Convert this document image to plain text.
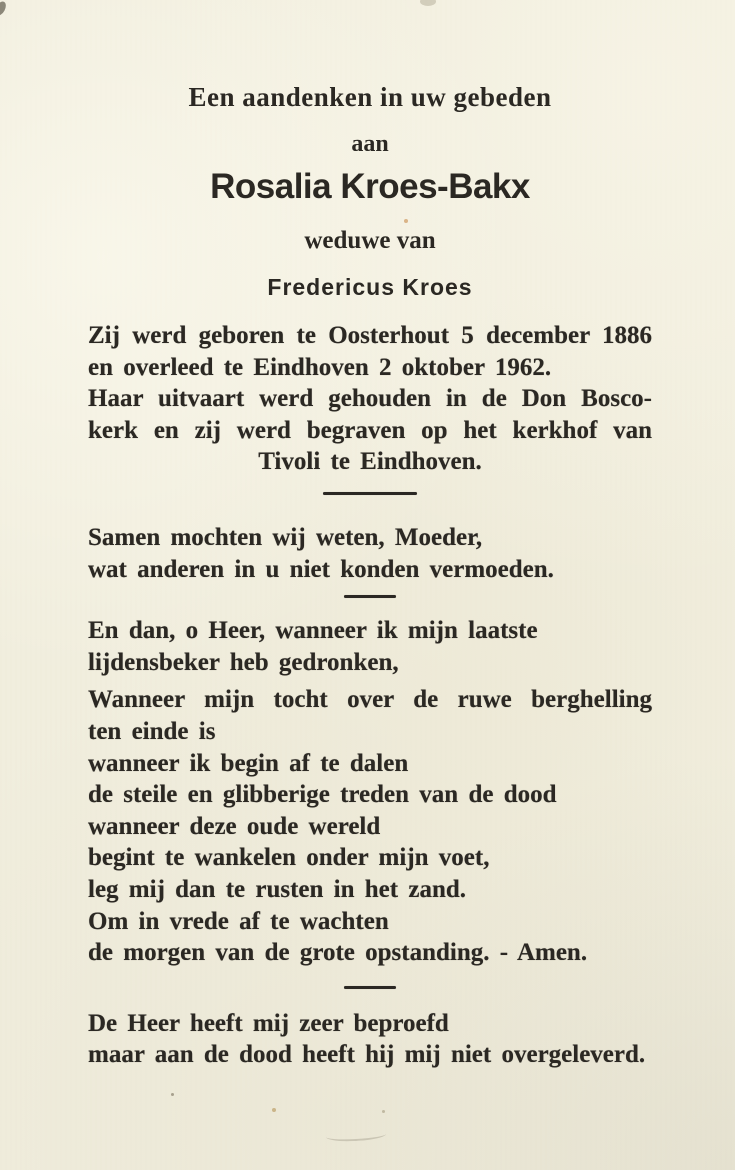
Een aandenken in uw gebeden
aan
Rosalia Kroes-Bakx
weduwe van
Fredericus Kroes
Zij werd geboren te Oosterhout 5 december 1886
en overleed te Eindhoven 2 oktober 1962.
Haar uitvaart werd gehouden in de Don Bosco-
kerk en zij werd begraven op het kerkhof van
Tivoli te Eindhoven.
Samen mochten wij weten, Moeder,
wat anderen in u niet konden vermoeden.
En dan, o Heer, wanneer ik mijn laatste
lijdensbeker heb gedronken,
Wanneer mijn tocht over de ruwe berghelling
ten einde is
wanneer ik begin af te dalen
de steile en glibberige treden van de dood
wanneer deze oude wereld
begint te wankelen onder mijn voet,
leg mij dan te rusten in het zand.
Om in vrede af te wachten
de morgen van de grote opstanding. - Amen.
De Heer heeft mij zeer beproefd
maar aan de dood heeft hij mij niet overgeleverd.
